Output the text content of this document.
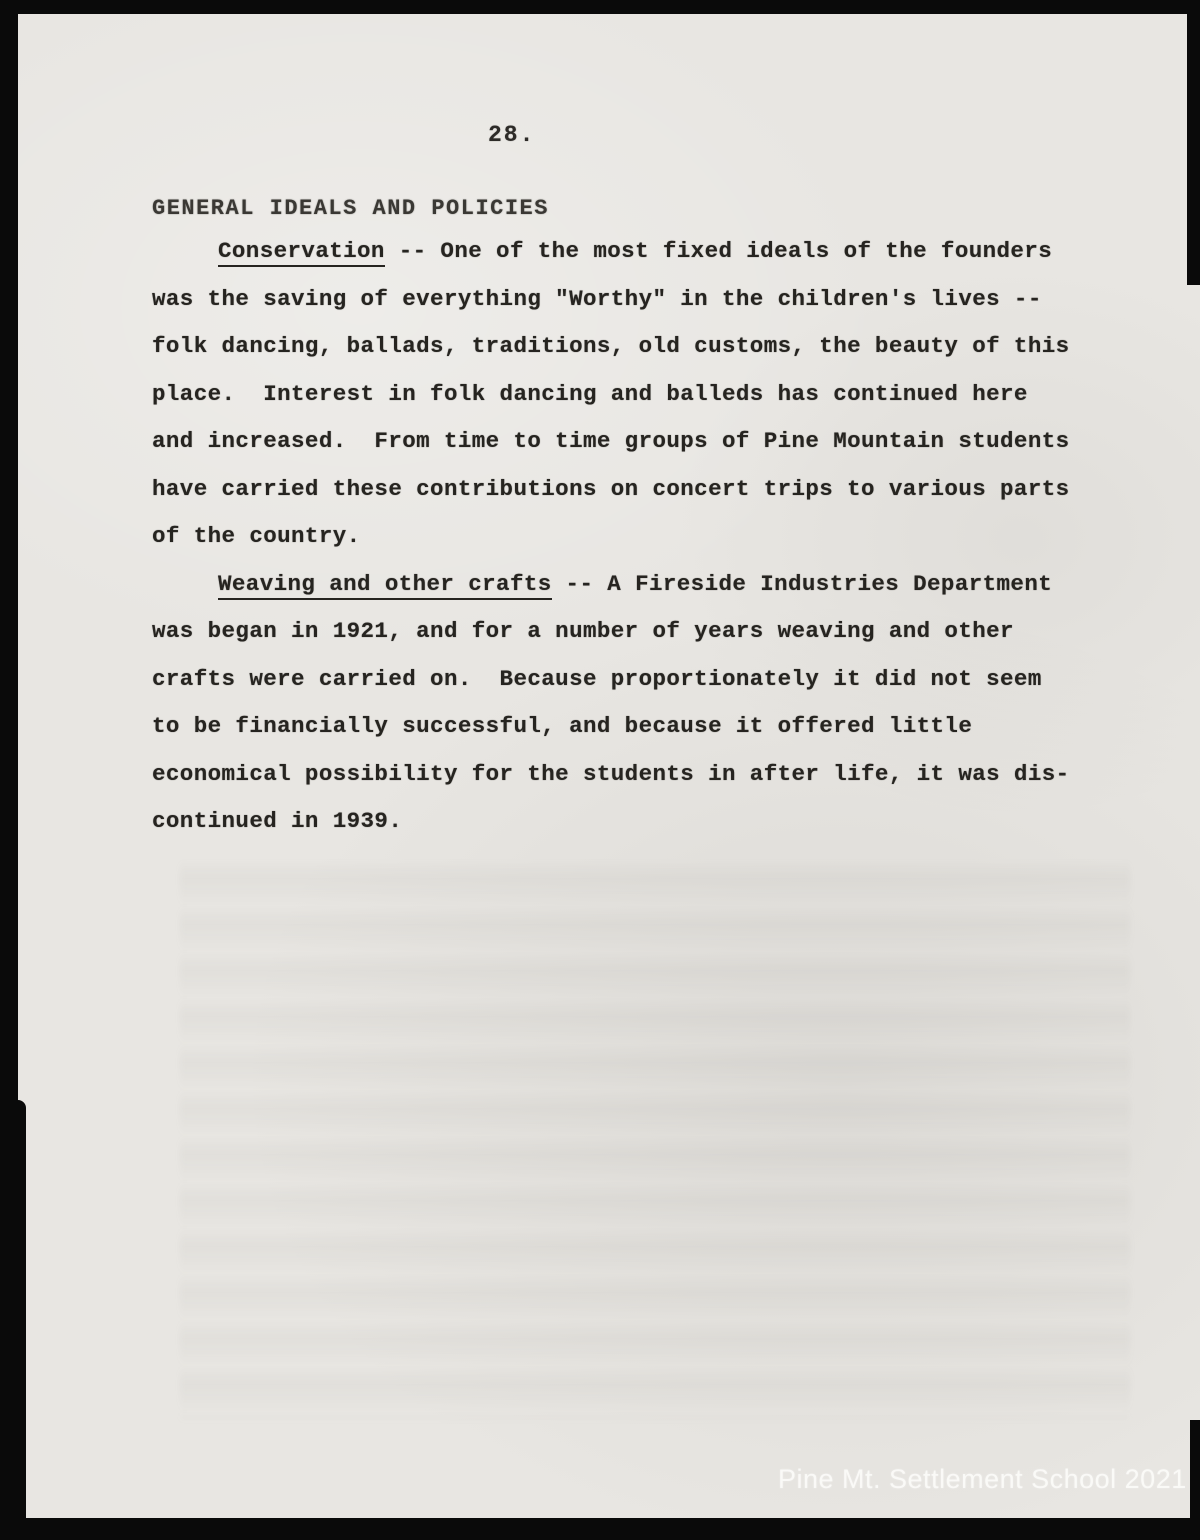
28.
GENERAL IDEALS AND POLICIES
Conservation -- One of the most fixed ideals of the founders
was the saving of everything "Worthy" in the children's lives --
folk dancing, ballads, traditions, old customs, the beauty of this
place.  Interest in folk dancing and balleds has continued here
and increased.  From time to time groups of Pine Mountain students
have carried these contributions on concert trips to various parts
of the country.
Weaving and other crafts -- A Fireside Industries Department
was began in 1921, and for a number of years weaving and other
crafts were carried on.  Because proportionately it did not seem
to be financially successful, and because it offered little
economical possibility for the students in after life, it was dis-
continued in 1939.
Pine Mt. Settlement School 2021
